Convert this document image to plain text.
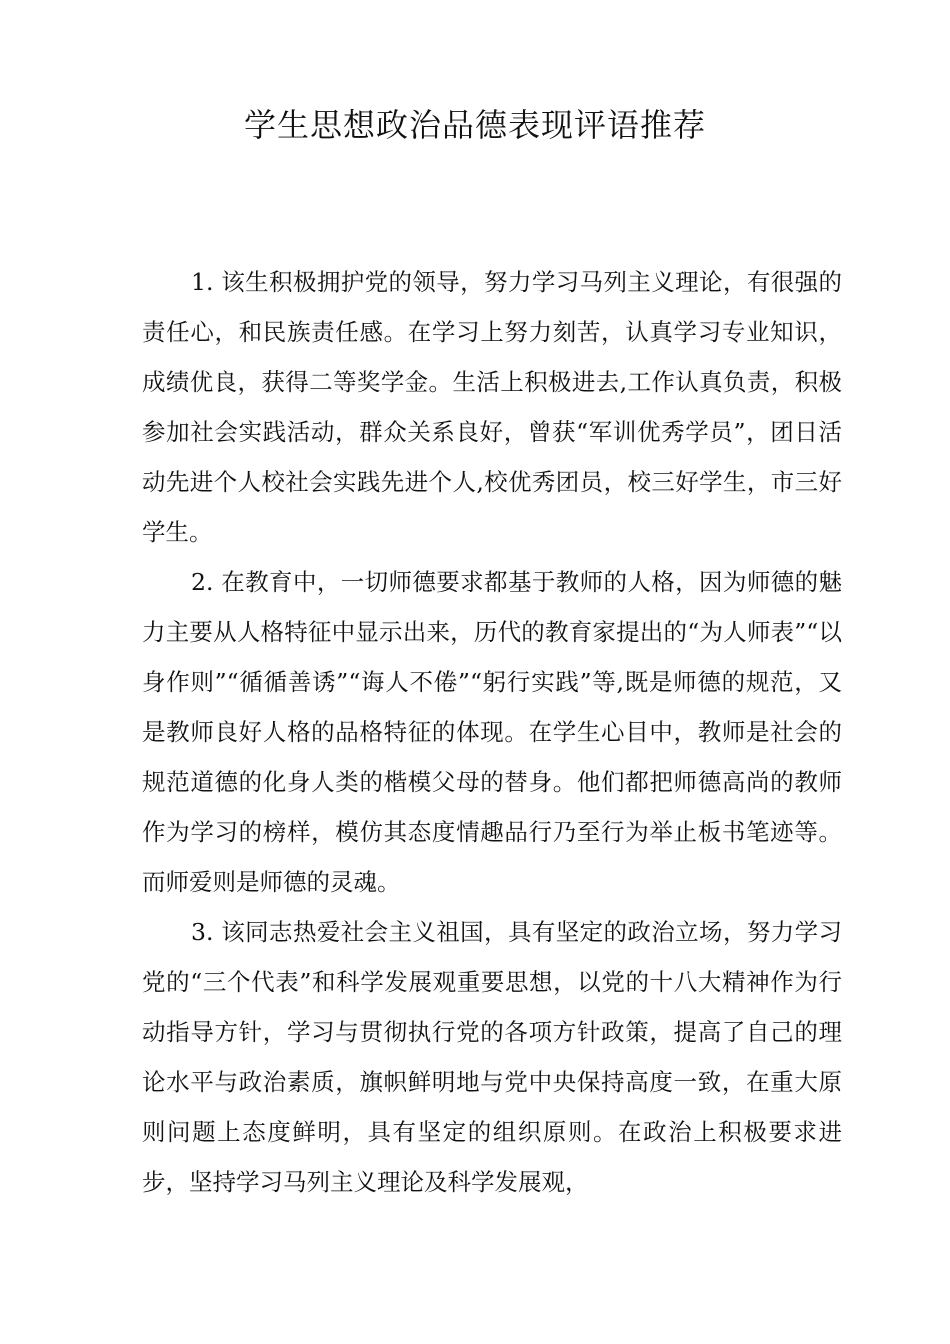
学生思想政治品德表现评语推荐

1. 该生积极拥护党的领导，努力学习马列主义理论，有很强的责任心，和民族责任感。在学习上努力刻苦，认真学习专业知识，成绩优良，获得二等奖学金。生活上积极进去,工作认真负责，积极参加社会实践活动，群众关系良好，曾获“军训优秀学员”，团日活动先进个人校社会实践先进个人,校优秀团员，校三好学生，市三好学生。

2. 在教育中，一切师德要求都基于教师的人格，因为师德的魅力主要从人格特征中显示出来，历代的教育家提出的“为人师表”“以身作则”“循循善诱”“诲人不倦”“躬行实践”等,既是师德的规范，又是教师良好人格的品格特征的体现。在学生心目中，教师是社会的规范道德的化身人类的楷模父母的替身。他们都把师德高尚的教师作为学习的榜样，模仿其态度情趣品行乃至行为举止板书笔迹等。而师爱则是师德的灵魂。

3. 该同志热爱社会主义祖国，具有坚定的政治立场，努力学习党的“三个代表”和科学发展观重要思想，以党的十八大精神作为行动指导方针，学习与贯彻执行党的各项方针政策，提高了自己的理论水平与政治素质，旗帜鲜明地与党中央保持高度一致，在重大原则问题上态度鲜明，具有坚定的组织原则。在政治上积极要求进步，坚持学习马列主义理论及科学发展观，
